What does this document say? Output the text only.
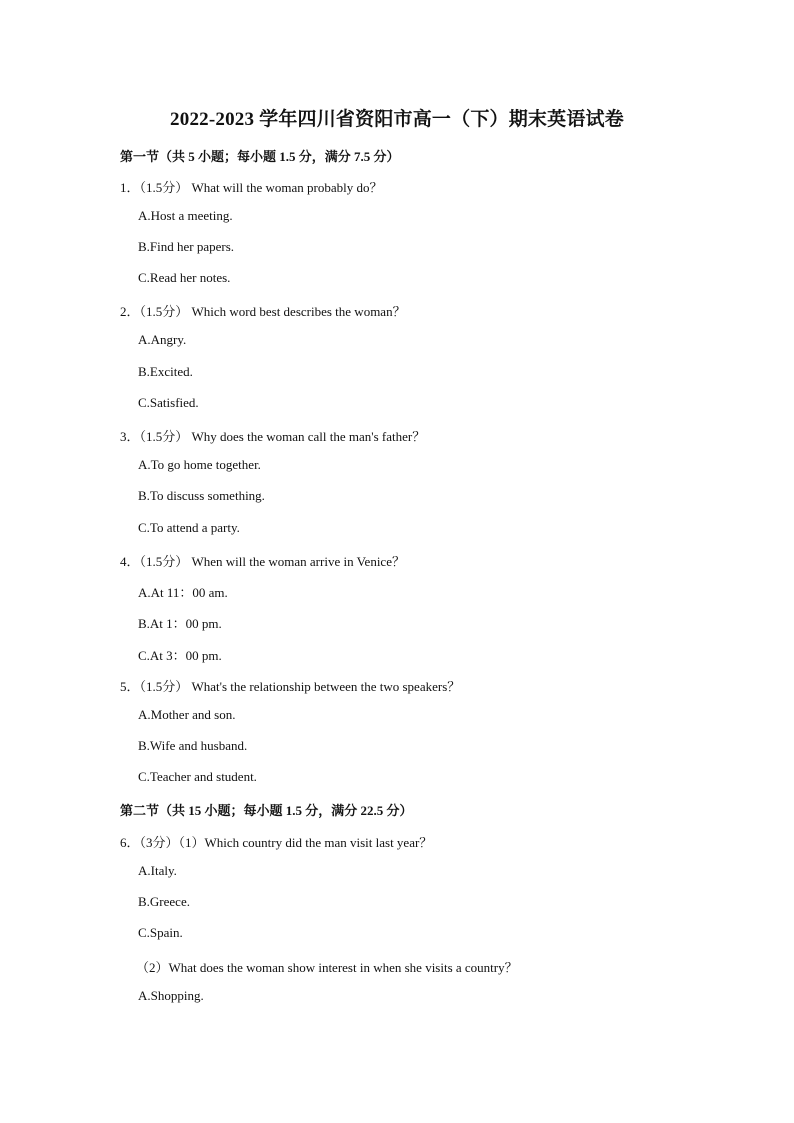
2022-2023 学年四川省资阳市高一（下）期末英语试卷
第一节（共 5 小题；每小题 1.5 分，满分 7.5 分）
1．（1.5分） What will the woman probably do？
A.Host a meeting.
B.Find her papers.
C.Read her notes.
2．（1.5分） Which word best describes the woman？
A.Angry.
B.Excited.
C.Satisfied.
3．（1.5分） Why does the woman call the man's father？
A.To go home together.
B.To discuss something.
C.To attend a party.
4．（1.5分） When will the woman arrive in Venice？
A.At 11：00 am.
B.At 1：00 pm.
C.At 3：00 pm.
5．（1.5分） What's the relationship between the two speakers？
A.Mother and son.
B.Wife and husband.
C.Teacher and student.
第二节（共 15 小题；每小题 1.5 分，满分 22.5 分）
6．（3分）（1）Which country did the man visit last year？
A.Italy.
B.Greece.
C.Spain.
（2）What does the woman show interest in when she visits a country？
A.Shopping.
